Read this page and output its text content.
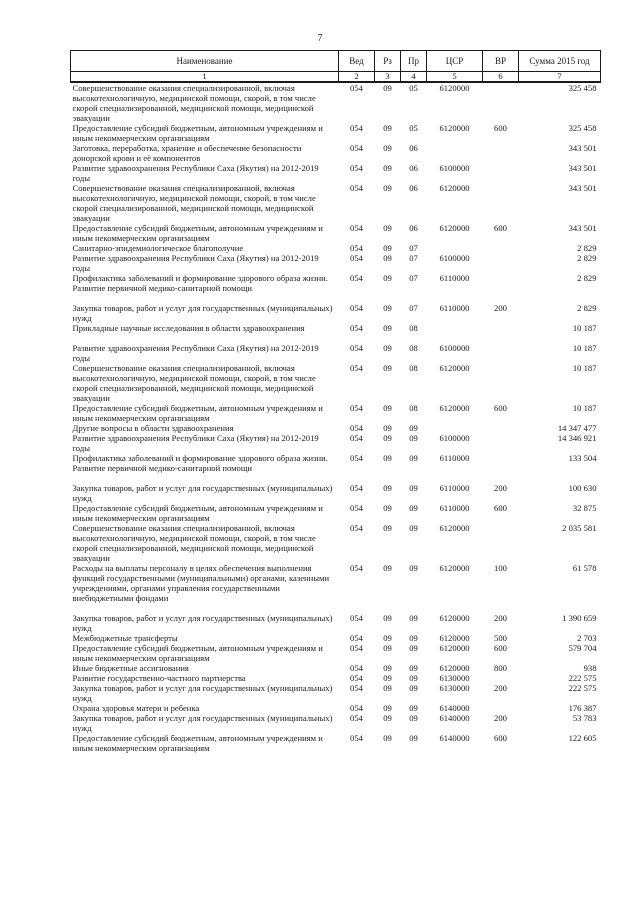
7
Наименование	Вед	Рз	Пр	ЦСР	ВР	Сумма 2015 год
1	2	3	4	5	6	7
Совершенствование оказания специализированной, включая высокотехнологичную, медицинской помощи, скорой, в том числе скорой специализированной, медицинской помощи, медицинской эвакуации	054	09	05	6120000		325 458
Предоставление субсидий бюджетным, автономным учреждениям и иным некоммерческим организациям	054	09	05	6120000	600	325 458
Заготовка, переработка, хранение и обеспечение безопасности донорской крови и её компонентов	054	09	06			343 501
Развитие здравоохранения Республики Саха (Якутия) на 2012-2019 годы	054	09	06	6100000		343 501
Совершенствование оказания специализированной, включая высокотехнологичную, медицинской помощи, скорой, в том числе скорой специализированной, медицинской помощи, медицинской эвакуации	054	09	06	6120000		343 501
Предоставление субсидий бюджетным, автономным учреждениям и иным некоммерческим организациям	054	09	06	6120000	600	343 501
Санитарно-эпидемиологическое благополучие	054	09	07			2 829
Развитие здравоохранения Республики Саха (Якутия) на 2012-2019 годы	054	09	07	6100000		2 829
Профилактика заболеваний и формирование здорового образа жизни. Развитие первичной медико-санитарной помощи	054	09	07	6110000		2 829

Закупка товаров, работ и услуг для государственных (муниципальных) нужд	054	09	07	6110000	200	2 829
Прикладные научные исследования в области здравоохранения	054	09	08			10 187

Развитие здравоохранения Республики Саха (Якутия) на 2012-2019 годы	054	09	08	6100000		10 187
Совершенствование оказания специализированной, включая высокотехнологичную, медицинской помощи, скорой, в том числе скорой специализированной, медицинской помощи, медицинской эвакуации	054	09	08	6120000		10 187
Предоставление субсидий бюджетным, автономным учреждениям и иным некоммерческим организациям	054	09	08	6120000	600	10 187
Другие вопросы в области здравоохранения	054	09	09			14 347 477
Развитие здравоохранения Республики Саха (Якутия) на 2012-2019 годы	054	09	09	6100000		14 346 921
Профилактика заболеваний и формирование здорового образа жизни. Развитие первичной медико-санитарной помощи	054	09	09	6110000		133 504

Закупка товаров, работ и услуг для государственных (муниципальных) нужд	054	09	09	6110000	200	100 630
Предоставление субсидий бюджетным, автономным учреждениям и иным некоммерческим организациям	054	09	09	6110000	600	32 875
Совершенствование оказания специализированной, включая высокотехнологичную, медицинской помощи, скорой, в том числе скорой специализированной, медицинской помощи, медицинской эвакуации	054	09	09	6120000		2 035 581
Расходы на выплаты персоналу в целях обеспечения выполнения функций государственными (муниципальными) органами, казенными учреждениями, органами управления государственными внебюджетными фондами	054	09	09	6120000	100	61 578

Закупка товаров, работ и услуг для государственных (муниципальных) нужд	054	09	09	6120000	200	1 390 659
Межбюджетные трансферты	054	09	09	6120000	500	2 703
Предоставление субсидий бюджетным, автономным учреждениям и иным некоммерческим организациям	054	09	09	6120000	600	579 704
Иные бюджетные ассигнования	054	09	09	6120000	800	938
Развитие государственно-частного партнерства	054	09	09	6130000		222 575
Закупка товаров, работ и услуг для государственных (муниципальных) нужд	054	09	09	6130000	200	222 575
Охрана здоровья матери и ребенка	054	09	09	6140000		176 387
Закупка товаров, работ и услуг для государственных (муниципальных) нужд	054	09	09	6140000	200	53 783
Предоставление субсидий бюджетным, автономным учреждениям и иным некоммерческим организациям	054	09	09	6140000	600	122 605
